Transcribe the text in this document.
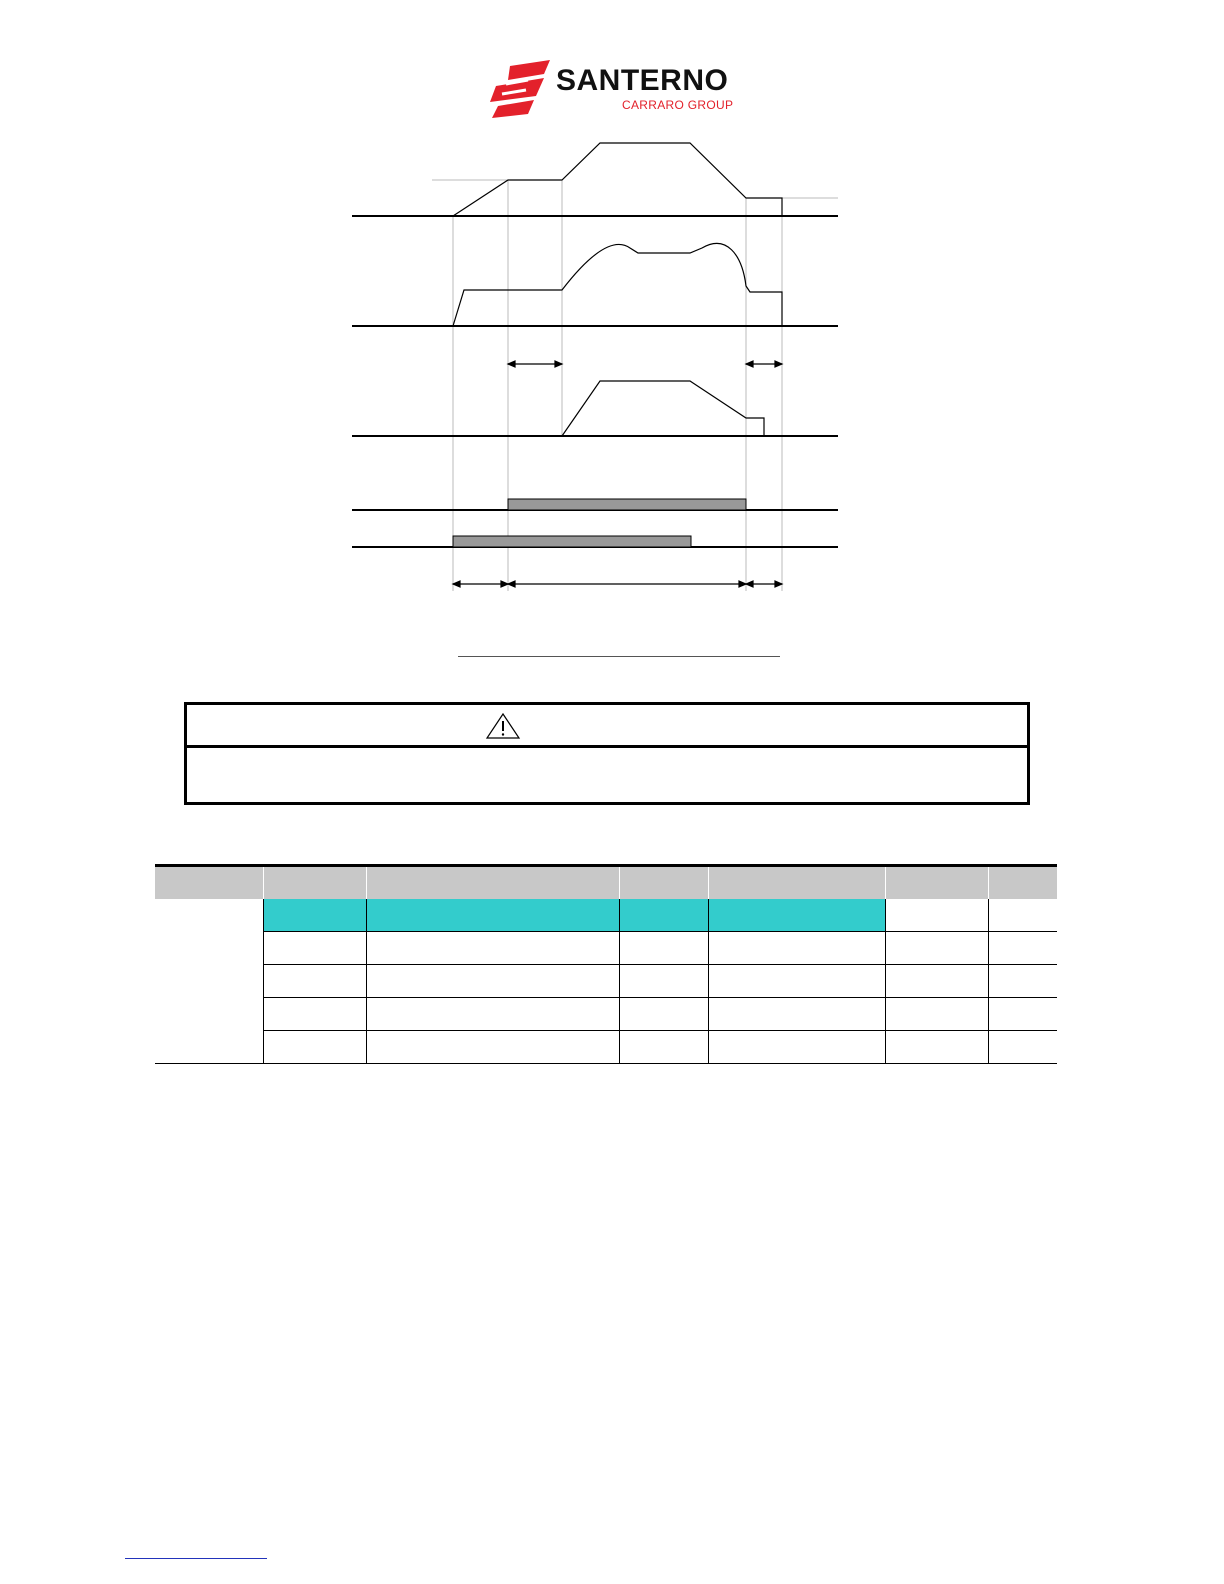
SANTERNO
CARRARO GROUP
